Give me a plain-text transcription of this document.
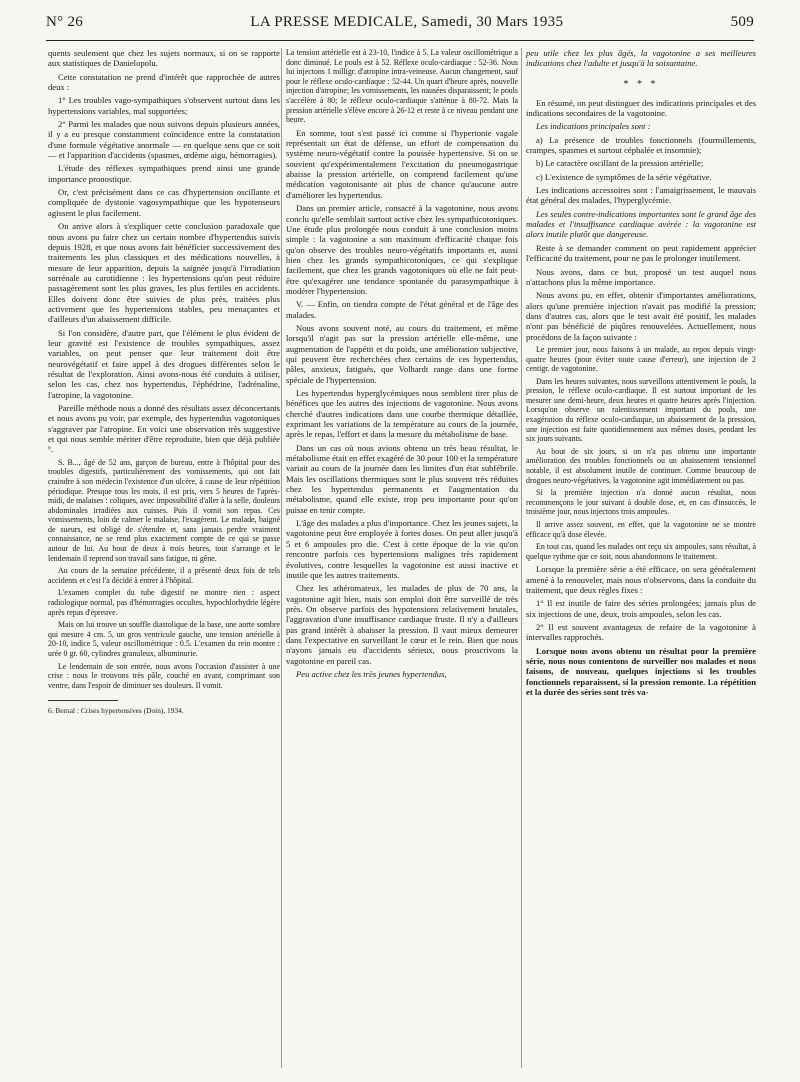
N° 26	LA PRESSE MEDICALE, Samedi, 30 Mars 1935	509

quents seulement que chez les sujets normaux, si on se rapporte aux statistiques de Danielopolu.

Cette constatation ne prend d'intérêt que rapprochée de autres deux :

1° Les troubles vago-sympathiques s'observent surtout dans les hypertensions variables, mal supportées;

2° Parmi les malades que nous suivons depuis plusieurs années, il y a eu presque constamment coïncidence entre la constatation d'une formule végétative anormale — en quelque sens que ce soit — et l'apparition d'accidents (spasmes, œdème aigu, hémorragies).

L'étude des réflexes sympathiques prend ainsi une grande importance pronostique.

Or, c'est précisément dans ce cas d'hypertension oscillante et compliquée de dystonie vagosympathique que les hypotenseurs agissent le plus facilement.

On arrive alors à s'expliquer cette conclusion paradoxale que nous avons pu faire chez un certain nombre d'hypertendus suivis depuis 1928, et que nous avons fait bénéficier successivement des traitements les plus classiques et des médications nouvelles, à mesure de leur apparition, depuis la saignée jusqu'à l'irradiation surrénale au carotidienne : les hypertensions qu'on peut réduire passagèrement sont les plus graves, les plus fertiles en accidents. Elles doivent donc être suivies de plus près, traitées plus activement que les hypertensions stables, peu menaçantes et d'ailleurs d'un abaissement difficile.

Si l'on considère, d'autre part, que l'élément le plus évident de leur gravité est l'existence de troubles sympathiques, assez variables, on peut penser que leur traitement doit être neurovégétatif et faire appel à des drogues différentes selon le résultat de l'exploration. Ainsi avons-nous été conduits à utiliser, selon les cas, chez nos hypertendus, l'éphédrine, l'adrénaline, l'atropine, la vagotonine.

Pareille méthode nous a donné des résultats assez déconcertants et nous avons pu voir, par exemple, des hypertendus vagotoniques s'aggraver par l'atropine. En voici une observation très suggestive et qui nous semble mériter d'être reproduite, bien que déjà publiée ⁶.

S. B..., âgé de 52 ans, garçon de bureau, entre à l'hôpital pour des troubles digestifs, particulièrement des vomissements, qui ont fait craindre à son médecin l'existence d'un ulcère, à cause de leur répétition périodique. Presque tous les mois, il est pris, vers 5 heures de l'après-midi, de malaises : coliques, avec impossibilité d'aller à la selle, douleurs abdominales irradiées aux cuisses. Puis il vomit son repas. Ces vomissements, loin de calmer le malaise, l'exagèrent. Le malade, baigné de sueurs, est obligé de s'étendre et, sans jamais perdre vraiment connaissance, ne se rend plus exactement compte de ce qui se passe autour de lui. Au bout de deux à trois heures, tout s'arrange et le lendemain il reprend son travail sans fatigue, ni gêne.

Au cours de la semaine précédente, il a présenté deux fois de tels accidents et c'est l'a décidé à entrer à l'hôpital.

L'examen complet du tube digestif ne montre rien : aspect radiologique normal, pas d'hémorragies occultes, hypochlorhydrie légère après repas d'épreuve.

Mais on lui trouve un souffle diastolique de la base, une aorte sombre qui mesure 4 cm. 5, un gros ventricule gauche, une tension artérielle à 20-10, indice 5, valeur oscillométrique : 0.5. L'examen du rein montre : urée 0 gr. 60, cylindres granuleux, albuminurie.

Le lendemain de son entrée, nous avons l'occasion d'assister à une crise : nous le trouvons très pâle, couché en avant, comprimant son ventre, dans l'espoir de diminuer ses douleurs. Il vomit.

6. Bernal : Crises hypertensives (Doin), 1934.

La tension artérielle est à 23-10, l'indice à 5. La valeur oscillométrique a donc diminué. Le pouls est à 52. Réflexe oculo-cardiaque : 52-36. Nous lui injectons 1 milligr. d'atropine intra-veineuse. Aucun changement, sauf pour le réflexe oculo-cardiaque : 52-44. Un quart d'heure après, nouvelle injection d'atropine; les vomissements, les nausées disparaissent; le pouls s'accélère à 80; le réflexe oculo-cardiaque s'atténue à 80-72. Mais la pression artérielle s'élève encore à 26-12 et reste à ce niveau pendant une heure.

En somme, tout s'est passé ici comme si l'hypertonie vagale représentait un état de défense, un effort de compensation du système neuro-végétatif contre la poussée hypertensive. Si on se souvient qu'expérimentalement l'excitation du pneumogastrique abaisse la pression artérielle, on comprend facilement qu'une médication vagotonisante ait plus de chance qu'aucune autre d'améliorer les hypertendus.

Dans un premier article, consacré à la vagotonine, nous avons conclu qu'elle semblait surtout active chez les sympathicotoniques. Une étude plus prolongée nous conduit à une conclusion moins simple : la vagotonine a son maximum d'efficacité chaque fois qu'on observe des troubles neuro-végétatifs importants et, aussi bien chez les grands sympathicotoniques, ce qui s'explique facilement, que chez les grands vagotoniques où elle ne fait peut-être qu'exagérer une tendance spontanée du parasympathique à modérer l'hypertension.

V. — Enfin, on tiendra compte de l'état général et de l'âge des malades.

Nous avons souvent noté, au cours du traitement, et même lorsqu'il n'agit pas sur la pression artérielle elle-même, une augmentation de l'appétit et du poids, une amélioration subjective, qui peuvent être recherchées chez certains de ces hypertendus, pâles, anxieux, fatigués, que Volhardt range dans une forme spéciale de l'hypertension.

Les hypertendus hyperglycémiques nous semblent tirer plus de bénéfices que les autres des injections de vagotonine. Nous avons cherché d'autres indications dans une courbe thermique détaillée, exprimant les variations de la température au cours de la journée, après le repas, l'effort et dans la mesure du métabolisme de base.

Dans un cas où nous avions obtenu un très beau résultat, le métabolisme était en effet exagéré de 30 pour 100 et la température variait au cours de la journée dans les limites d'un état subfébrile. Mais les oscillations thermiques sont le plus souvent très réduites chez les hypertendus permanents et l'augmentation du métabolisme, quand elle existe, trop peu importante pour qu'on puisse en tenir compte.

L'âge des malades a plus d'importance. Chez les jeunes sujets, la vagotonine peut être employée à fortes doses. On peut aller jusqu'à 5 et 6 ampoules pro die. C'est à cette époque de la vie qu'on rencontre parfois ces hypertensions malignes très rapidement évolutives, contre lesquelles la vagotonine est aussi inactive et inutile que les autres traitements.

Chez les athéromateux, les malades de plus de 70 ans, la vagotonine agit bien, mais son emploi doit être surveillé de très près. On observe parfois des hypotensions relativement brutales, l'aggravation d'une insuffisance cardiaque fruste. Il n'y a d'ailleurs pas grand intérêt à abaisser la pression. Il vaut mieux demeurer dans l'expectative en surveillant le cœur et le rein. Bien que nous n'ayons jamais eu d'accidents sérieux, nous proscrivons la vagotonine en pareil cas.

Peu active chez les très jeunes hypertendus,

peu utile chez les plus âgés, la vagotonine a ses meilleures indications chez l'adulte et jusqu'à la soixantaine.

* * *

En résumé, on peut distinguer des indications principales et des indications secondaires de la vagotonine.

Les indications principales sont :

a) La présence de troubles fonctionnels (fourmillements, crampes, spasmes et surtout céphalée et insomnie);

b) Le caractère oscillant de la pression artérielle;

c) L'existence de symptômes de la série végétative.

Les indications accessoires sont : l'amaigrissement, le mauvais état général des malades, l'hyperglycémie.

Les seules contre-indications importantes sont le grand âge des malades et l'insuffisance cardiaque avérée : la vagotonine est alors inutile plutôt que dangereuse.

Reste à se demander comment on peut rapidement apprécier l'efficacité du traitement, pour ne pas le prolonger inutilement.

Nous avons, dans ce but, proposé un test auquel nous n'attachons plus la même importance.

Nous avons pu, en effet, obtenir d'importantes améliorations, alors qu'une première injection n'avait pas modifié la pression; dans d'autres cas, alors que le test avait été positif, les malades n'ont pas bénéficié de piqûres renouvelées. Actuellement, nous procédons de la façon suivante :

Le premier jour, nous faisons à un malade, au repos depuis vingt-quatre heures (pour éviter toute cause d'erreur), une injection de 2 centigr. de vagotonine.

Dans les heures suivantes, nous surveillons attentivement le pouls, la pression, le réflexe oculo-cardiaque. Il est surtout important de les mesurer une demi-heure, deux heures et quatre heures après l'injection. Lorsqu'on observe un ralentissement important du pouls, une exagération du réflexe oculo-cardiaque, un abaissement de la pression, une injection est faite quotidiennement aux mêmes doses, pendant les six jours suivants.

Au bout de six jours, si on n'a pas obtenu une importante amélioration des troubles fonctionnels ou un abaissement tensionnel notable, il est absolument inutile de continuer. Comme beaucoup de drogues neuro-végétatives, la vagotonine agit immédiatement ou pas.

Si la première injection n'a donné aucun résultat, nous recommençons le jour suivant à double dose, et, en cas d'insuccès, le troisième jour, nous injectons trois ampoules.

Il arrive assez souvent, en effet, que la vagotonine ne se montre efficace qu'à dose élevée.

En tout cas, quand les malades ont reçu six ampoules, sans résultat, à quelque rythme que ce soit, nous abandonnons le traitement.

Lorsque la première série a été efficace, on sera généralement amené à la renouveler, mais nous n'observons, dans la conduite du traitement, que deux règles fixes :

1° Il est inutile de faire des séries prolongées; jamais plus de six injections de une, deux, trois ampoules, selon les cas.

2° Il est souvent avantageux de refaire de la vagotonine à intervalles rapprochés.

Lorsque nous avons obtenu un résultat pour la première série, nous nous contentons de surveiller nos malades et nous faisons, de nouveau, quelques injections si les troubles fonctionnels reparaissent, si la pression remonte. La répétition et la durée des séries sont très va-
